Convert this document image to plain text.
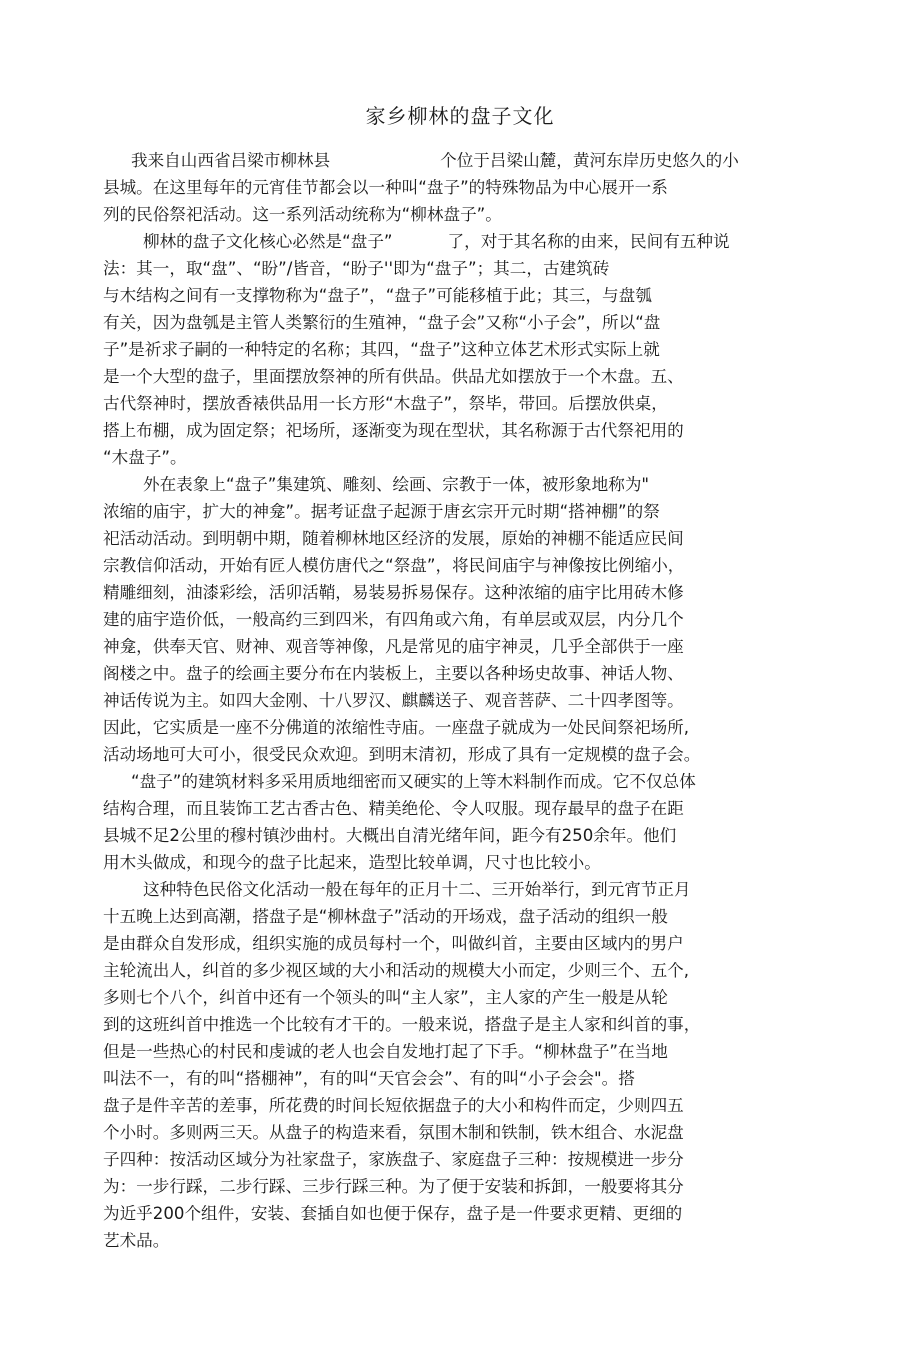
家乡柳林的盘子文化
我来自山西省吕梁市柳林县	个位于吕梁山麓，黄河东岸历史悠久的小
县城。在这里每年的元宵佳节都会以一种叫“盘子”的特殊物品为中心展开一系
列的民俗祭祀活动。这一系列活动统称为“柳林盘子”。
柳林的盘子文化核心必然是“盘子”	了，对于其名称的由来，民间有五种说
法：其一，取“盘”、“盼”/皆音，“盼子''即为“盘子”；其二，古建筑砖
与木结构之间有一支撑物称为“盘子”，“盘子”可能移植于此；其三，与盘瓠
有关，因为盘瓠是主管人类繁衍的生殖神，“盘子会”又称“小子会”，所以“盘
子”是祈求子嗣的一种特定的名称；其四，“盘子”这种立体艺术形式实际上就
是一个大型的盘子，里面摆放祭神的所有供品。供品尤如摆放于一个木盘。五、
古代祭神时，摆放香裱供品用一长方形“木盘子”，祭毕，带回。后摆放供桌，
搭上布棚，成为固定祭；祀场所，逐渐变为现在型状，其名称源于古代祭祀用的
“木盘子”。
外在表象上“盘子”集建筑、雕刻、绘画、宗教于一体，被形象地称为"
浓缩的庙宇，扩大的神龛”。据考证盘子起源于唐玄宗开元时期“搭神棚”的祭
祀活动活动。到明朝中期，随着柳林地区经济的发展，原始的神棚不能适应民间
宗教信仰活动，开始有匠人模仿唐代之“祭盘”，将民间庙宇与神像按比例缩小，
精雕细刻，油漆彩绘，活卯活鞘，易装易拆易保存。这种浓缩的庙宇比用砖木修
建的庙宇造价低，一般高约三到四米，有四角或六角，有单层或双层，内分几个
神龛，供奉天官、财神、观音等神像，凡是常见的庙宇神灵，几乎全部供于一座
阁楼之中。盘子的绘画主要分布在内装板上，主要以各种场史故事、神话人物、
神话传说为主。如四大金刚、十八罗汉、麒麟送子、观音菩萨、二十四孝图等。
因此，它实质是一座不分佛道的浓缩性寺庙。一座盘子就成为一处民间祭祀场所,
活动场地可大可小，很受民众欢迎。到明末清初，形成了具有一定规模的盘子会。
“盘子”的建筑材料多采用质地细密而又硬实的上等木料制作而成。它不仅总体
结构合理，而且装饰工艺古香古色、精美绝伦、令人叹服。现存最早的盘子在距
县城不足2公里的穆村镇沙曲村。大概出自清光绪年间，距今有250余年。他们
用木头做成，和现今的盘子比起来，造型比较单调，尺寸也比较小。
这种特色民俗文化活动一般在每年的正月十二、三开始举行，到元宵节正月
十五晚上达到高潮，搭盘子是“柳林盘子”活动的开场戏，盘子活动的组织一般
是由群众自发形成，组织实施的成员每村一个，叫做纠首，主要由区域内的男户
主轮流出人，纠首的多少视区域的大小和活动的规模大小而定，少则三个、五个,
多则七个八个，纠首中还有一个领头的叫“主人家”，主人家的产生一般是从轮
到的这班纠首中推选一个比较有才干的。一般来说，搭盘子是主人家和纠首的事，
但是一些热心的村民和虔诚的老人也会自发地打起了下手。“柳林盘子”在当地
叫法不一，有的叫“搭棚神”，有的叫“天官会会”、有的叫“小子会会"。搭
盘子是件辛苦的差事，所花费的时间长短依据盘子的大小和构件而定，少则四五
个小时。多则两三天。从盘子的构造来看，氛围木制和铁制，铁木组合、水泥盘
子四种：按活动区域分为社家盘子，家族盘子、家庭盘子三种：按规模进一步分
为：一步行踩，二步行踩、三步行踩三种。为了便于安装和拆卸，一般要将其分
为近乎200个组件，安装、套插自如也便于保存，盘子是一件要求更精、更细的
艺术品。
